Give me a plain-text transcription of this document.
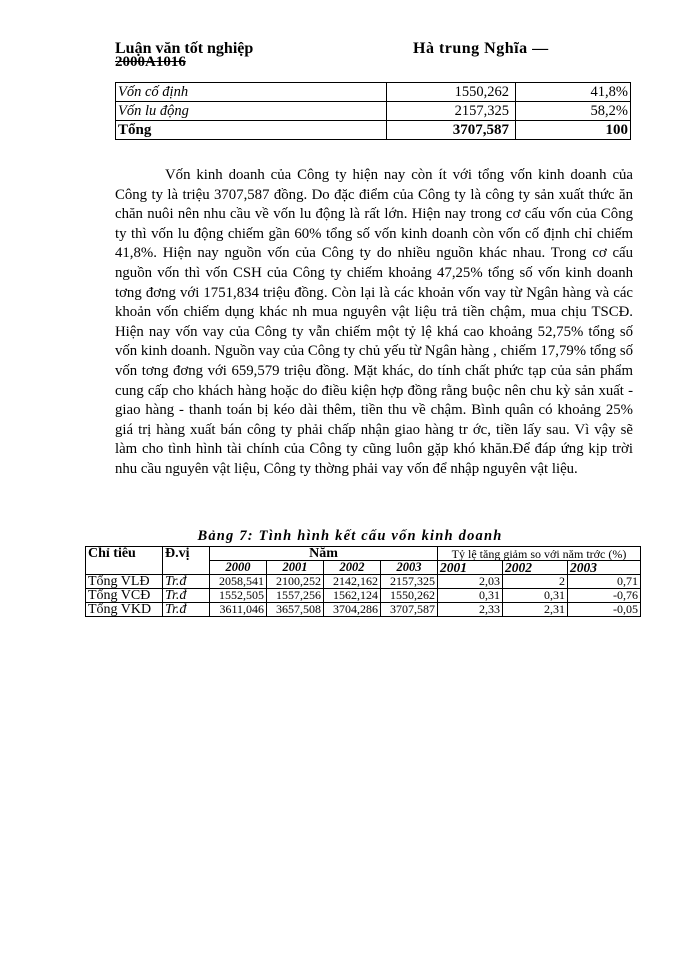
Luận văn tốt nghiệp	Hà trung Nghĩa —
2000A1016
Vốn cố định	1550,262	41,8%
Vốn lu động	2157,325	58,2%
Tổng	3707,587	100

Vốn kinh doanh của Công ty hiện nay còn ít với tổng vốn kinh doanh của Công ty là triệu 3707,587 đồng. Do đặc điểm của Công ty là công ty sản xuất thức ăn chăn nuôi nên nhu cầu về vốn lu động là rất lớn. Hiện nay trong cơ cấu vốn của Công ty thì vốn lu động chiếm gần 60% tổng số vốn kinh doanh còn vốn cố định chỉ chiếm 41,8%. Hiện nay nguồn vốn của Công ty do nhiều nguồn khác nhau. Trong cơ cấu nguồn vốn thì vốn CSH của Công ty chiếm khoảng 47,25% tổng số vốn kinh doanh tơng đơng với 1751,834 triệu đồng. Còn lại là các khoản vốn vay từ Ngân hàng và các khoản vốn chiếm dụng khác nh mua nguyên vật liệu trả tiền chậm, mua chịu TSCĐ. Hiện nay vốn vay của Công ty vẫn chiếm một tỷ lệ khá cao khoảng 52,75% tổng số vốn kinh doanh. Nguồn vay của Công ty chủ yếu từ Ngân hàng , chiếm 17,79% tổng số vốn tơng đơng với 659,579 triệu đồng. Mặt khác, do tính chất phức tạp của sản phẩm cung cấp cho khách hàng hoặc do điều kiện hợp đồng rằng buộc nên chu kỳ sản xuất - giao hàng - thanh toán bị kéo dài thêm, tiền thu về chậm. Bình quân có khoảng 25% giá trị hàng xuất bán công ty phải chấp nhận giao hàng tr ớc, tiền lấy sau. Vì vậy sẽ làm cho tình hình tài chính của Công ty cũng luôn gặp khó khăn.Để đáp ứng kịp trời nhu cầu nguyên vật liệu, Công ty thờng phải vay vốn để nhập nguyên vật liệu.

Bảng 7: Tình hình kết cấu vốn kinh doanh
Chỉ tiêu	Đ.vị	Năm				Tỷ lệ tăng giảm so với năm trớc (%)		
		2000	2001	2002	2003	2001	2002	2003
Tổng VLĐ	Tr.đ	2058,541	2100,252	2142,162	2157,325	2,03	2	0,71
Tổng VCĐ	Tr.đ	1552,505	1557,256	1562,124	1550,262	0,31	0,31	-0,76
Tổng VKD	Tr.đ	3611,046	3657,508	3704,286	3707,587	2,33	2,31	-0,05
